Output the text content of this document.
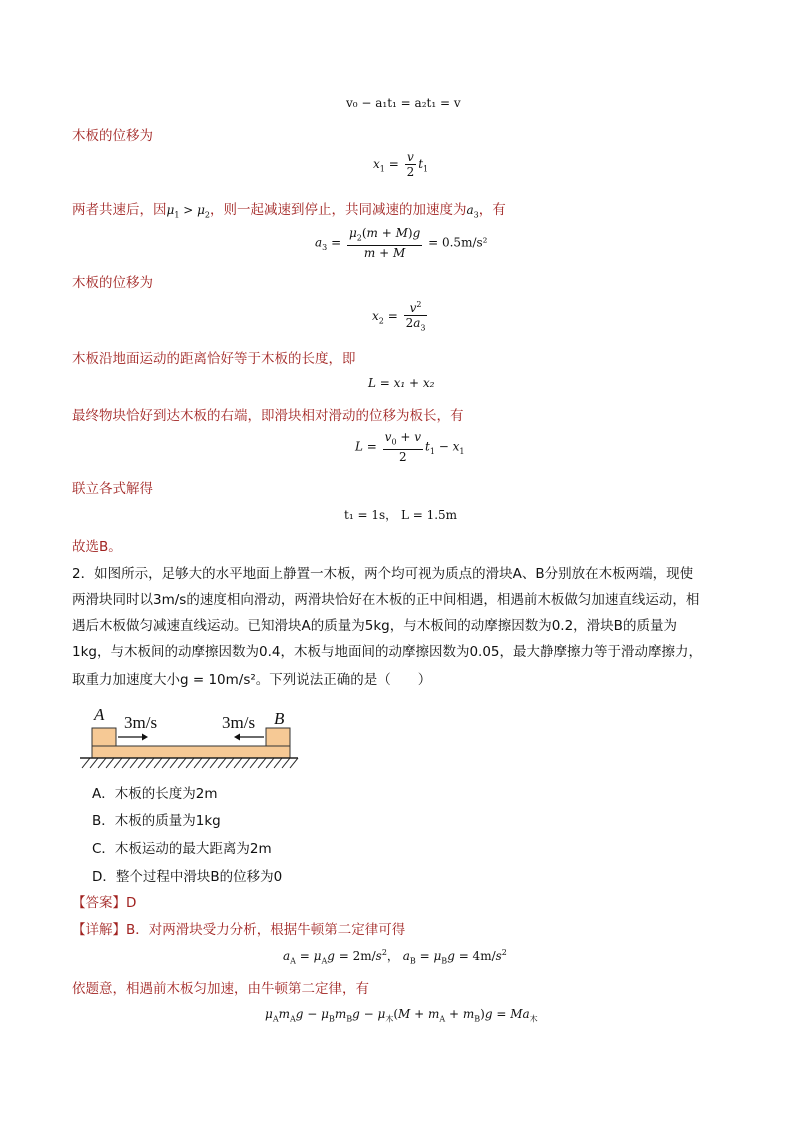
v₀ − a₁t₁ = a₂t₁ = v
木板的位移为
$x_1 = \frac{v}{2} t_1$
两者共速后，因$\mu_1 > \mu_2$，则一起减速到停止，共同减速的加速度为$a_3$，有
$a_3 = \frac{\mu_2(m + M)g}{m + M} = 0.5m/s^2$
木板的位移为
$x_2 = \frac{v^2}{2a_3}$
木板沿地面运动的距离恰好等于木板的长度，即
L = x₁ + x₂
最终物块恰好到达木板的右端，即滑块相对滑动的位移为板长，有
$L = \frac{v_0 + v}{2} t_1 - x_1$
联立各式解得
t₁ = 1s， L = 1.5m
故选B。
2．如图所示，足够大的水平地面上静置一木板，两个均可视为质点的滑块A、B分别放在木板两端，现使
两滑块同时以3m/s的速度相向滑动，两滑块恰好在木板的正中间相遇，相遇前木板做匀加速直线运动，相
遇后木板做匀减速直线运动。已知滑块A的质量为5kg，与木板间的动摩擦因数为0.2，滑块B的质量为
1kg，与木板间的动摩擦因数为0.4，木板与地面间的动摩擦因数为0.05，最大静摩擦力等于滑动摩擦力，
取重力加速度大小g = 10m/s²。下列说法正确的是（　　）
A	B
3m/s	3m/s
A．木板的长度为2m
B．木板的质量为1kg
C．木板运动的最大距离为2m
D．整个过程中滑块B的位移为0
【答案】D
【详解】B．对两滑块受力分析，根据牛顿第二定律可得
$a_A = \mu_Ag = 2m/s^2$， $a_B = \mu_Bg = 4m/s^2$
依题意，相遇前木板匀加速，由牛顿第二定律，有
$\mu_Am_Ag - \mu_Bm_Bg - \mu_木(M + m_A + m_B)g = Ma_木$
